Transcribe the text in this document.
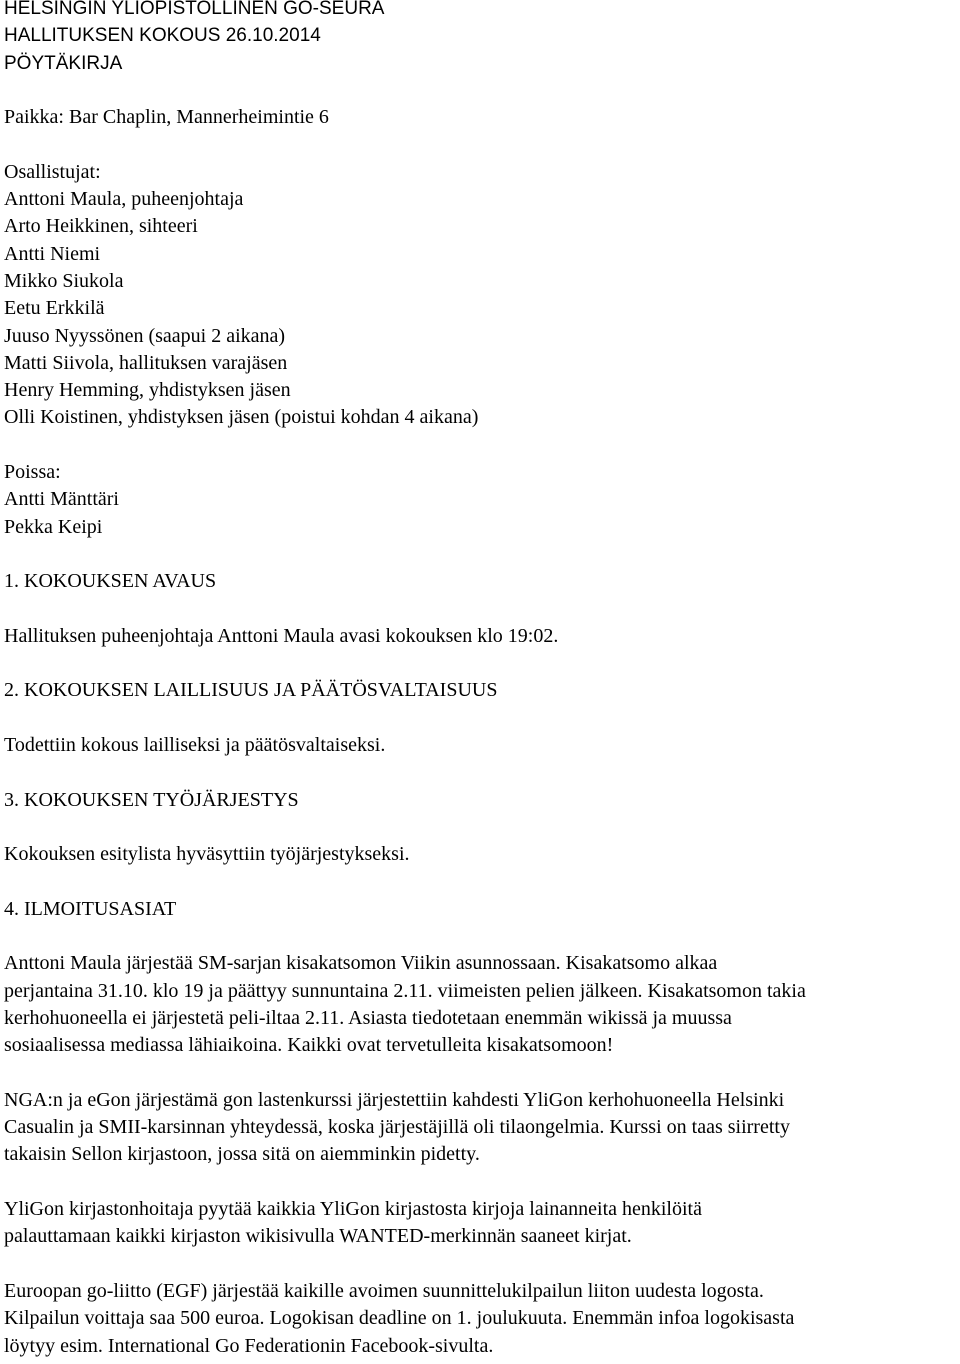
HELSINGIN YLIOPISTOLLINEN GO-SEURA
HALLITUKSEN KOKOUS 26.10.2014
PÖYTÄKIRJA
Paikka: Bar Chaplin, Mannerheimintie 6
Osallistujat:
Anttoni Maula, puheenjohtaja
Arto Heikkinen, sihteeri
Antti Niemi
Mikko Siukola
Eetu Erkkilä
Juuso Nyyssönen (saapui 2 aikana)
Matti Siivola, hallituksen varajäsen
Henry Hemming, yhdistyksen jäsen
Olli Koistinen, yhdistyksen jäsen (poistui kohdan 4 aikana)
Poissa:
Antti Mänttäri
Pekka Keipi
1. KOKOUKSEN AVAUS
Hallituksen puheenjohtaja Anttoni Maula avasi kokouksen klo 19:02.
2. KOKOUKSEN LAILLISUUS JA PÄÄTÖSVALTAISUUS
Todettiin kokous lailliseksi ja päätösvaltaiseksi.
3. KOKOUKSEN TYÖJÄRJESTYS
Kokouksen esitylista hyväsyttiin työjärjestykseksi.
4. ILMOITUSASIAT
Anttoni Maula järjestää SM-sarjan kisakatsomon Viikin asunnossaan. Kisakatsomo alkaa
perjantaina 31.10. klo 19 ja päättyy sunnuntaina 2.11. viimeisten pelien jälkeen. Kisakatsomon takia
kerhohuoneella ei järjestetä peli-iltaa 2.11. Asiasta tiedotetaan enemmän wikissä ja muussa
sosiaalisessa mediassa lähiaikoina. Kaikki ovat tervetulleita kisakatsomoon!
NGA:n ja eGon järjestämä gon lastenkurssi järjestettiin kahdesti YliGon kerhohuoneella Helsinki
Casualin ja SMII-karsinnan yhteydessä, koska järjestäjillä oli tilaongelmia. Kurssi on taas siirretty
takaisin Sellon kirjastoon, jossa sitä on aiemminkin pidetty.
YliGon kirjastonhoitaja pyytää kaikkia YliGon kirjastosta kirjoja lainanneita henkilöitä
palauttamaan kaikki kirjaston wikisivulla WANTED-merkinnän saaneet kirjat.
Euroopan go-liitto (EGF) järjestää kaikille avoimen suunnittelukilpailun liiton uudesta logosta.
Kilpailun voittaja saa 500 euroa. Logokisan deadline on 1. joulukuuta. Enemmän infoa logokisasta
löytyy esim. International Go Federationin Facebook-sivulta.
